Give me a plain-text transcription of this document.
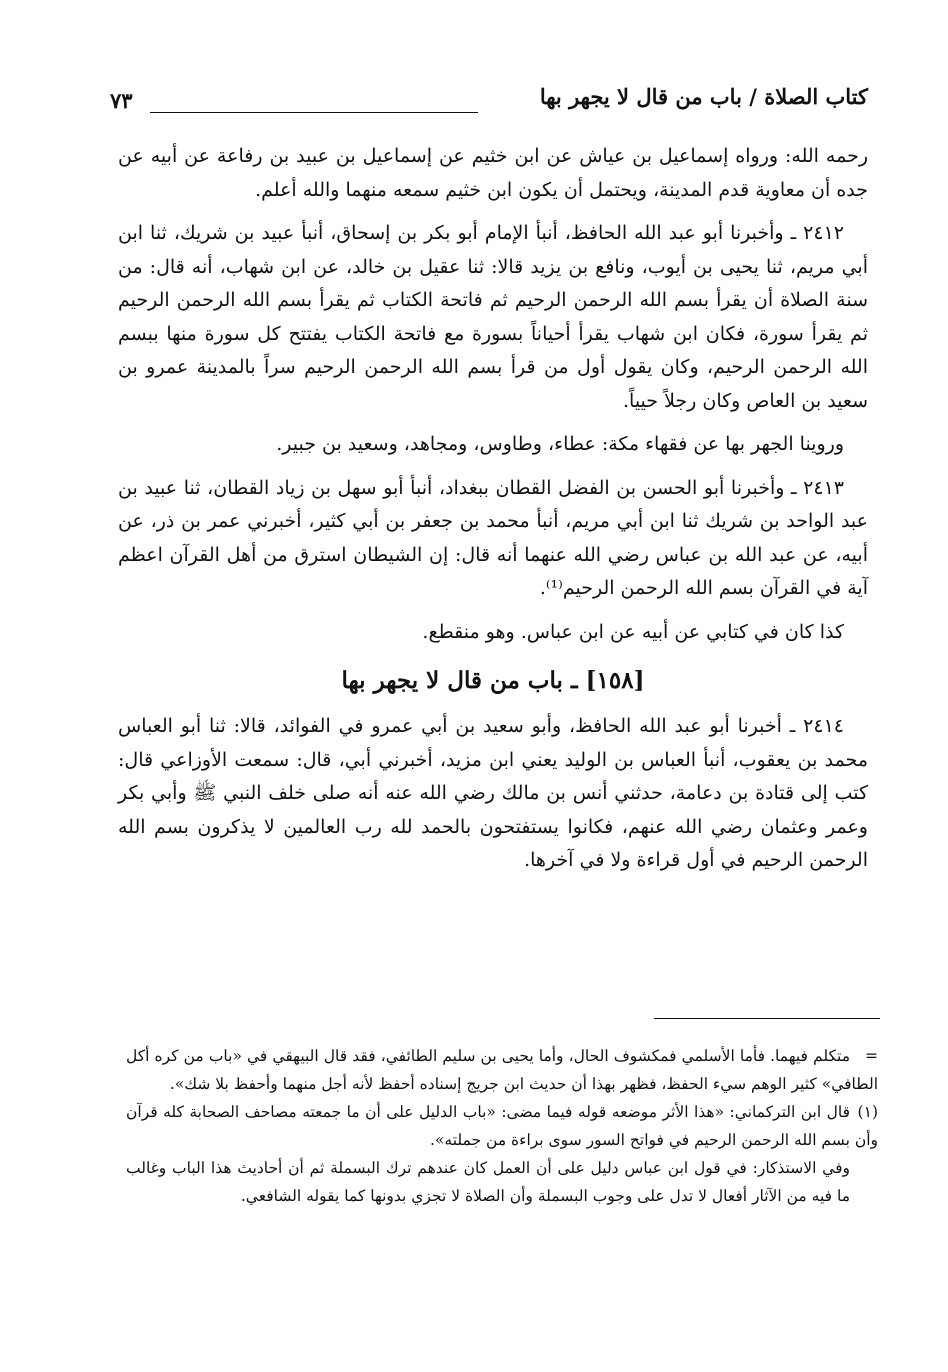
كتاب الصلاة / باب من قال لا يجهر بها
٧٣

رحمه الله: ورواه إسماعيل بن عياش عن ابن خثيم عن إسماعيل بن عبيد بن رفاعة عن أبيه عن جده أن معاوية قدم المدينة، ويحتمل أن يكون ابن خثيم سمعه منهما والله أعلم.

٢٤١٢ ـ وأخبرنا أبو عبد الله الحافظ، أنبأ الإمام أبو بكر بن إسحاق، أنبأ عبيد بن شريك، ثنا ابن أبي مريم، ثنا يحيى بن أيوب، ونافع بن يزيد قالا: ثنا عقيل بن خالد، عن ابن شهاب، أنه قال: من سنة الصلاة أن يقرأ بسم الله الرحمن الرحيم ثم فاتحة الكتاب ثم يقرأ بسم الله الرحمن الرحيم ثم يقرأ سورة، فكان ابن شهاب يقرأ أحياناً بسورة مع فاتحة الكتاب يفتتح كل سورة منها ببسم الله الرحمن الرحيم، وكان يقول أول من قرأ بسم الله الرحمن الرحيم سراً بالمدينة عمرو بن سعيد بن العاص وكان رجلاً حيياً.

وروينا الجهر بها عن فقهاء مكة: عطاء، وطاوس، ومجاهد، وسعيد بن جبير.

٢٤١٣ ـ وأخبرنا أبو الحسن بن الفضل القطان ببغداد، أنبأ أبو سهل بن زياد القطان، ثنا عبيد بن عبد الواحد بن شريك ثنا ابن أبي مريم، أنبأ محمد بن جعفر بن أبي كثير، أخبرني عمر بن ذر، عن أبيه، عن عبد الله بن عباس رضي الله عنهما أنه قال: إن الشيطان استرق من أهل القرآن اعظم آية في القرآن بسم الله الرحمن الرحيم⁽¹⁾.

كذا كان في كتابي عن أبيه عن ابن عباس. وهو منقطع.

[١٥٨] ـ باب من قال لا يجهر بها

٢٤١٤ ـ أخبرنا أبو عبد الله الحافظ، وأبو سعيد بن أبي عمرو في الفوائد، قالا: ثنا أبو العباس محمد بن يعقوب، أنبأ العباس بن الوليد يعني ابن مزيد، أخبرني أبي، قال: سمعت الأوزاعي قال: كتب إلى قتادة بن دعامة، حدثني أنس بن مالك رضي الله عنه أنه صلى خلف النبي ﷺ وأبي بكر وعمر وعثمان رضي الله عنهم، فكانوا يستفتحون بالحمد لله رب العالمين لا يذكرون بسم الله الرحمن الرحيم في أول قراءة ولا في آخرها.

=متكلم فيهما. فأما الأسلمي فمكشوف الحال، وأما يحيى بن سليم الطائفي، فقد قال البيهقي في «باب من كره أكل الطافي» كثير الوهم سيء الحفظ، فظهر بهذا أن حديث ابن جريج إسناده أحفظ لأنه أجل منهما وأحفظ بلا شك».

(١)قال ابن التركماني: «هذا الأثر موضعه قوله فيما مضى: «باب الدليل على أن ما جمعته مصاحف الصحابة كله قرآن وأن بسم الله الرحمن الرحيم في فواتح السور سوى براءة من جملته».

وفي الاستذكار: في قول ابن عباس دليل على أن العمل كان عندهم ترك البسملة ثم أن أحاديث هذا الباب وغالب ما فيه من الآثار أفعال لا تدل على وجوب البسملة وأن الصلاة لا تجزي بدونها كما يقوله الشافعي.
